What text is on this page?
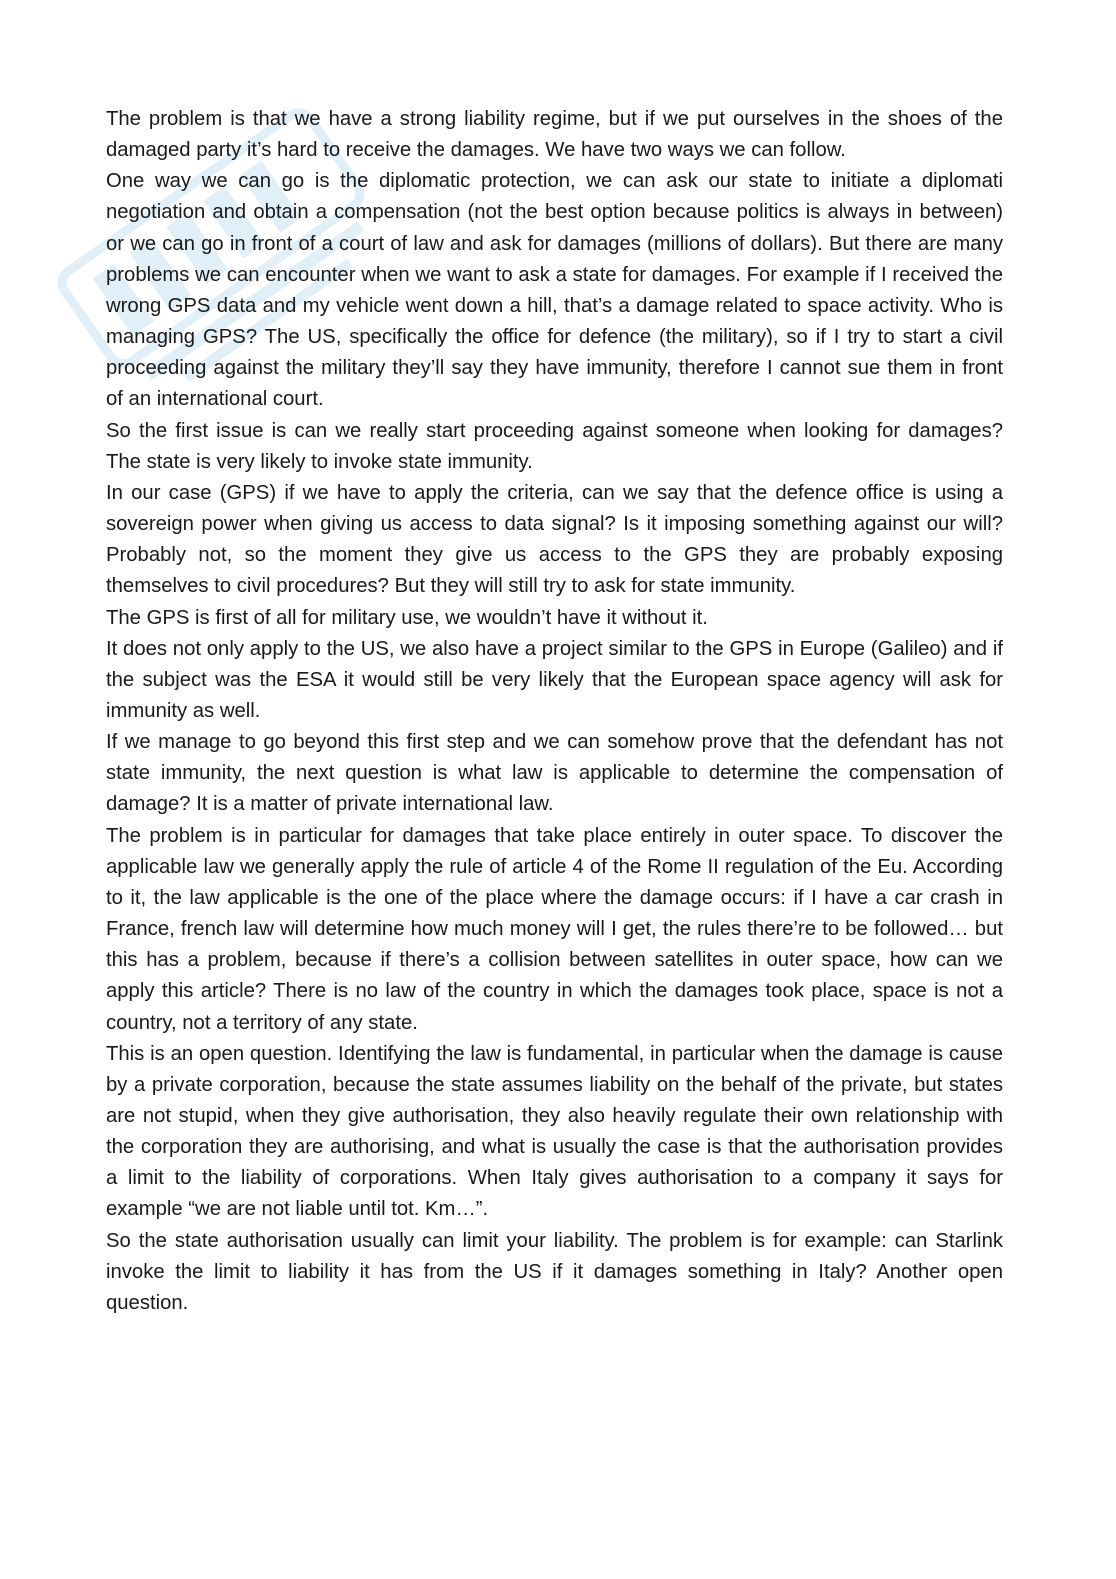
The problem is that we have a strong liability regime, but if we put ourselves in the shoes of the damaged party it’s hard to receive the damages. We have two ways we can follow.

One way we can go is the diplomatic protection, we can ask our state to initiate a diplomati negotiation and obtain a compensation (not the best option because politics is always in between) or we can go in front of a court of law and ask for damages (millions of dollars). But there are many problems we can encounter when we want to ask a state for damages. For example if I received the wrong GPS data and my vehicle went down a hill, that’s a damage related to space activity. Who is managing GPS? The US, specifically the office for defence (the military), so if I try to start a civil proceeding against the military they’ll say they have immunity, therefore I cannot sue them in front of an international court.

So the first issue is can we really start proceeding against someone when looking for damages? The state is very likely to invoke state immunity.

In our case (GPS) if we have to apply the criteria, can we say that the defence office is using a sovereign power when giving us access to data signal? Is it imposing something against our will? Probably not, so the moment they give us access to the GPS they are probably exposing themselves to civil procedures? But they will still try to ask for state immunity.

The GPS is first of all for military use, we wouldn’t have it without it.

It does not only apply to the US, we also have a project similar to the GPS in Europe (Galileo) and if the subject was the ESA it would still be very likely that the European space agency will ask for immunity as well.

If we manage to go beyond this first step and we can somehow prove that the defendant has not state immunity, the next question is what law is applicable to determine the compensation of damage? It is a matter of private international law.

The problem is in particular for damages that take place entirely in outer space. To discover the applicable law we generally apply the rule of article 4 of the Rome II regulation of the Eu. According to it, the law applicable is the one of the place where the damage occurs: if I have a car crash in France, french law will determine how much money will I get, the rules there’re to be followed… but this has a problem, because if there’s a collision between satellites in outer space, how can we apply this article? There is no law of the country in which the damages took place, space is not a country, not a territory of any state.

This is an open question. Identifying the law is fundamental, in particular when the damage is cause by a private corporation, because the state assumes liability on the behalf of the private, but states are not stupid, when they give authorisation, they also heavily regulate their own relationship with the corporation they are authorising, and what is usually the case is that the authorisation provides a limit to the liability of corporations. When Italy gives authorisation to a company it says for example “we are not liable until tot. Km…”.

So the state authorisation usually can limit your liability. The problem is for example: can Starlink invoke the limit to liability it has from the US if it damages something in Italy? Another open question.
